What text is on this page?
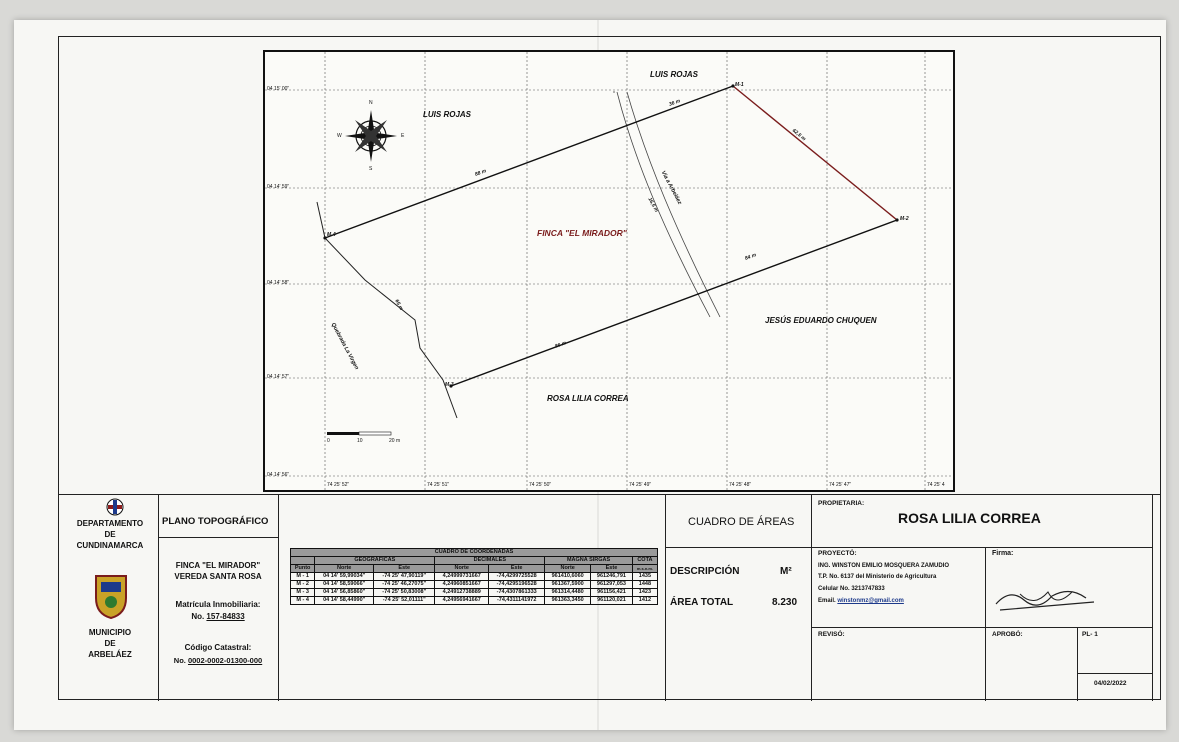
LUIS ROJAS
LUIS ROJAS
JESÚS EDUARDO CHUQUEN
ROSA LILIA CORREA
FINCA "EL MIRADOR"
Quebrada La Virgen
Vía a Arbeláez
M-1
M-2
M-3
M-4
36 m
88 m
62,5 m
84 m
86 m
16,5 m
65 m
04 15' 00"
04 14' 59"
04 14' 58"
04 14' 57"
04 14' 56"
74 25' 52"	74 25' 51"	74 25' 50"	74 25' 49"	74 25' 48"	74 25' 47"	74 25' 4
0	10	20 m
N
S
E
W
DEPARTAMENTO
DE
CUNDINAMARCA
MUNICIPIO
DE
ARBELÁEZ
PLANO TOPOGRÁFICO
FINCA "EL MIRADOR"
VEREDA SANTA ROSA
Matrícula Inmobiliaria:
No. 157-84833
Código Catastral:
No. 0002-0002-01300-000
CUADRO DE COORDENADAS							
	GEOGRÁFICAS		DECIMALES		MAGNA SIRGAS		COTA
Punto	Norte	Este	Norte	Este	Norte	Este	m.s.n.m.
M - 1	04 14' 59,99034"	-74 25' 47,90119"	4,24999731667	-74,4299725528	961410,6060	961246,791	1435
M - 2	04 14' 58,59066"	-74 25' 46,27075"	4,24960851667	-74,4295196528	961367,5900	961297,053	1448
M - 3	04 14' 56,85860"	-74 25' 50,83008"	4,24912738889	-74,4307861333	961314,4480	961156,421	1423
M - 4	04 14' 58,44990"	-74 25' 52,01111"	4,24956941667	-74,4311141972	961363,3450	961120,021	1412
CUADRO DE ÁREAS
DESCRIPCIÓN	M²
ÁREA TOTAL	8.230
PROPIETARIA:
ROSA LILIA CORREA
PROYECTÓ:
ING. WINSTON EMILIO MOSQUERA ZAMUDIO
T.P. No. 6137 del Ministerio de Agricultura
Celular No. 3213747833
Email. winstonmz@gmail.com
Firma:
REVISÓ:	APROBÓ:	PL- 1
04/02/2022
